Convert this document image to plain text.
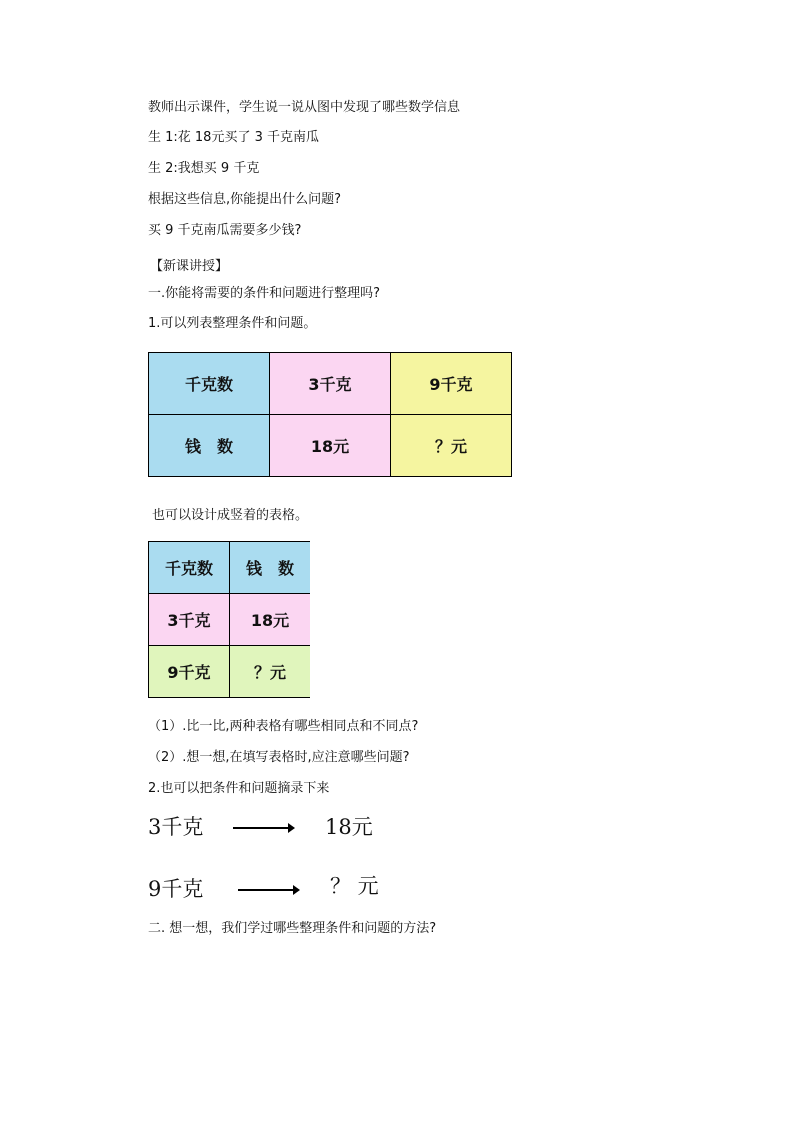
教师出示课件，学生说一说从图中发现了哪些数学信息
生 1:花 18元买了 3 千克南瓜
生 2:我想买 9 千克
根据这些信息,你能提出什么问题?
买 9 千克南瓜需要多少钱?
【新课讲授】
一.你能将需要的条件和问题进行整理吗?
1.可以列表整理条件和问题。
千克数	3千克	9千克
钱　数	18元	？元
也可以设计成竖着的表格。
千克数	钱　数
3千克	18元
9千克	？元
（1）.比一比,两种表格有哪些相同点和不同点?
（2）.想一想,在填写表格时,应注意哪些问题?
2.也可以把条件和问题摘录下来
3千克	18元
9千克	？ 元
二. 想一想，我们学过哪些整理条件和问题的方法?
